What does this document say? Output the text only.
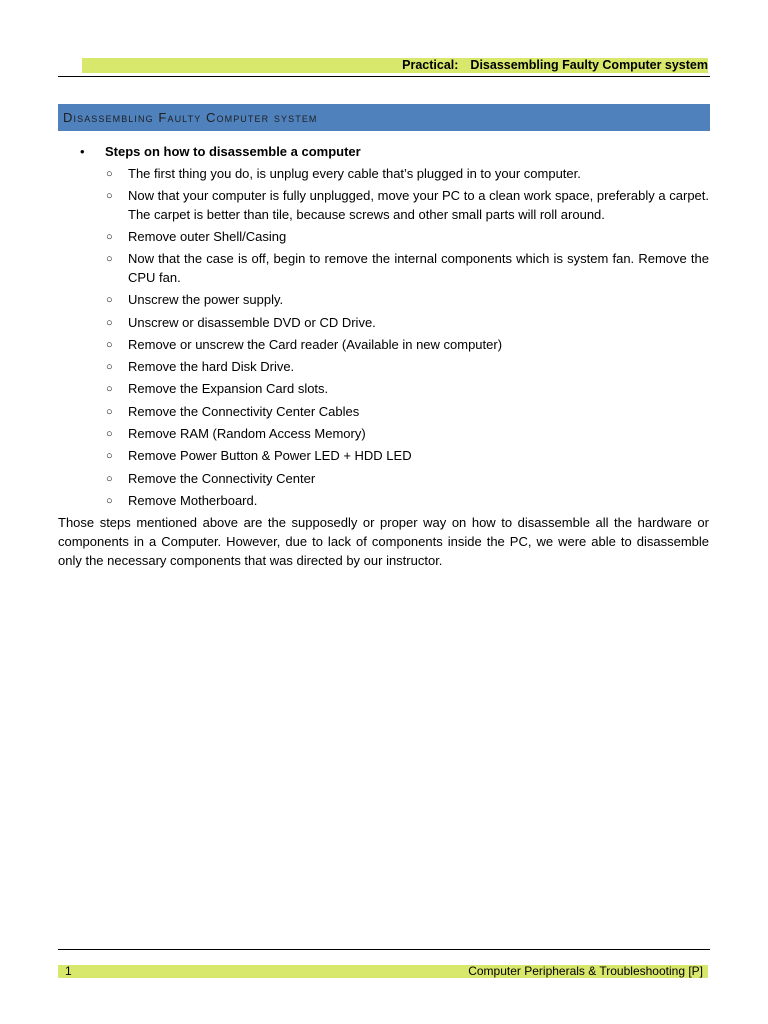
Practical: Disassembling Faulty Computer system
Disassembling Faulty Computer system
• Steps on how to disassemble a computer
○ The first thing you do, is unplug every cable that’s plugged in to your computer.
○ Now that your computer is fully unplugged, move your PC to a clean work space, preferably a carpet. The carpet is better than tile, because screws and other small parts will roll around.
○ Remove outer Shell/Casing
○ Now that the case is off, begin to remove the internal components which is system fan. Remove the CPU fan.
○ Unscrew the power supply.
○ Unscrew or disassemble DVD or CD Drive.
○ Remove or unscrew the Card reader (Available in new computer)
○ Remove the hard Disk Drive.
○ Remove the Expansion Card slots.
○ Remove the Connectivity Center Cables
○ Remove RAM (Random Access Memory)
○ Remove Power Button & Power LED + HDD LED
○ Remove the Connectivity Center
○ Remove Motherboard.

Those steps mentioned above are the supposedly or proper way on how to disassemble all the hardware or components in a Computer. However, due to lack of components inside the PC, we were able to disassemble only the necessary components that was directed by our instructor.

1	Computer Peripherals & Troubleshooting [P]
